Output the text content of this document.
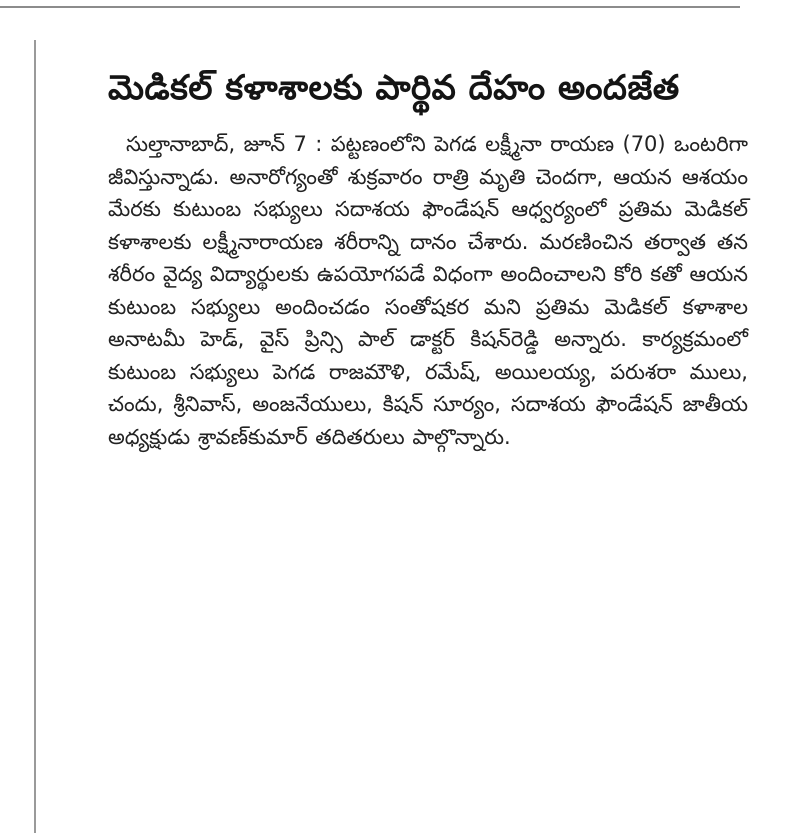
మెడికల్ కళాశాలకు పార్థివ దేహం అందజేత

సుల్తానాబాద్, జూన్ 7 : పట్టణంలోని పెగడ లక్ష్మీనా రాయణ (70) ఒంటరిగా జీవిస్తున్నాడు. అనారోగ్యంతో శుక్రవారం రాత్రి మృతి చెందగా, ఆయన ఆశయం మేరకు కుటుంబ సభ్యులు సదాశయ ఫౌండేషన్ ఆధ్వర్యంలో ప్రతిమ మెడికల్ కళాశాలకు లక్ష్మీనారాయణ శరీరాన్ని దానం చేశారు. మరణించిన తర్వాత తన శరీరం వైద్య విద్యార్థులకు ఉపయోగపడే విధంగా అందించాలని కోరి కతో ఆయన కుటుంబ సభ్యులు అందించడం సంతోషకర మని ప్రతిమ మెడికల్ కళాశాల అనాటమీ హెడ్, వైస్ ప్రిన్సి పాల్ డాక్టర్ కిషన్‌రెడ్డి అన్నారు. కార్యక్రమంలో కుటుంబ సభ్యులు పెగడ రాజమౌళి, రమేష్, అయిలయ్య, పరుశరా ములు, చందు, శ్రీనివాస్, అంజనేయులు, కిషన్ సూర్యం, సదాశయ ఫౌండేషన్ జాతీయ అధ్యక్షుడు శ్రావణ్‌కుమార్ తదితరులు పాల్గొన్నారు.
